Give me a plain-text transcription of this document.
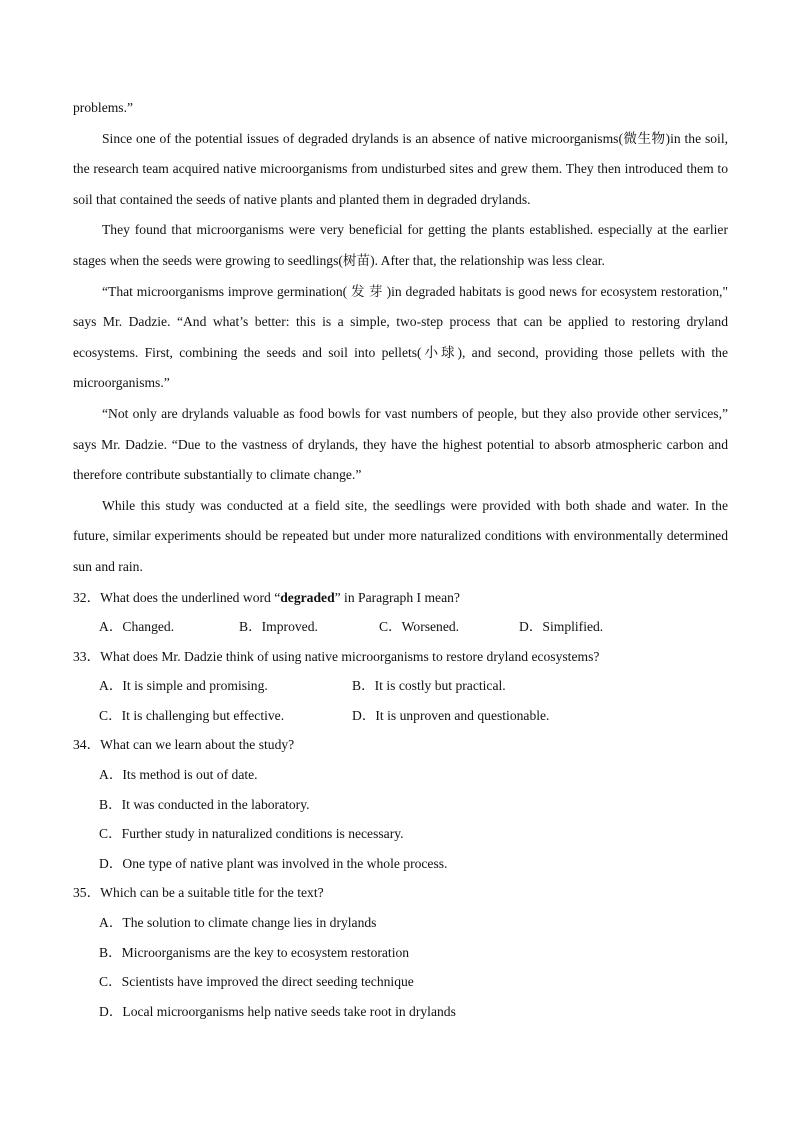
problems.”

Since one of the potential issues of degraded drylands is an absence of native microorganisms(微生物)in the soil, the research team acquired native microorganisms from undisturbed sites and grew them. They then introduced them to soil that contained the seeds of native plants and planted them in degraded drylands.

They found that microorganisms were very beneficial for getting the plants established. especially at the earlier stages when the seeds were growing to seedlings(树苗). After that, the relationship was less clear.

“That microorganisms improve germination( 发 芽 )in degraded habitats is good news for ecosystem restoration," says Mr. Dadzie. “And what’s better: this is a simple, two-step process that can be applied to restoring dryland ecosystems. First, combining the seeds and soil into pellets(小球), and second, providing those pellets with the microorganisms.”

“Not only are drylands valuable as food bowls for vast numbers of people, but they also provide other services,” says Mr. Dadzie. “Due to the vastness of drylands, they have the highest potential to absorb atmospheric carbon and therefore contribute substantially to climate change.”

While this study was conducted at a field site, the seedlings were provided with both shade and water. In the future, similar experiments should be repeated but under more naturalized conditions with environmentally determined sun and rain.

32．What does the underlined word “degraded” in Paragraph I mean?
A．Changed.	B．Improved.	C．Worsened.	D．Simplified.
33．What does Mr. Dadzie think of using native microorganisms to restore dryland ecosystems?
A．It is simple and promising.	B．It is costly but practical.
C．It is challenging but effective.	D．It is unproven and questionable.
34．What can we learn about the study?
A．Its method is out of date.
B．It was conducted in the laboratory.
C．Further study in naturalized conditions is necessary.
D．One type of native plant was involved in the whole process.
35．Which can be a suitable title for the text?
A．The solution to climate change lies in drylands
B．Microorganisms are the key to ecosystem restoration
C．Scientists have improved the direct seeding technique
D．Local microorganisms help native seeds take root in drylands
